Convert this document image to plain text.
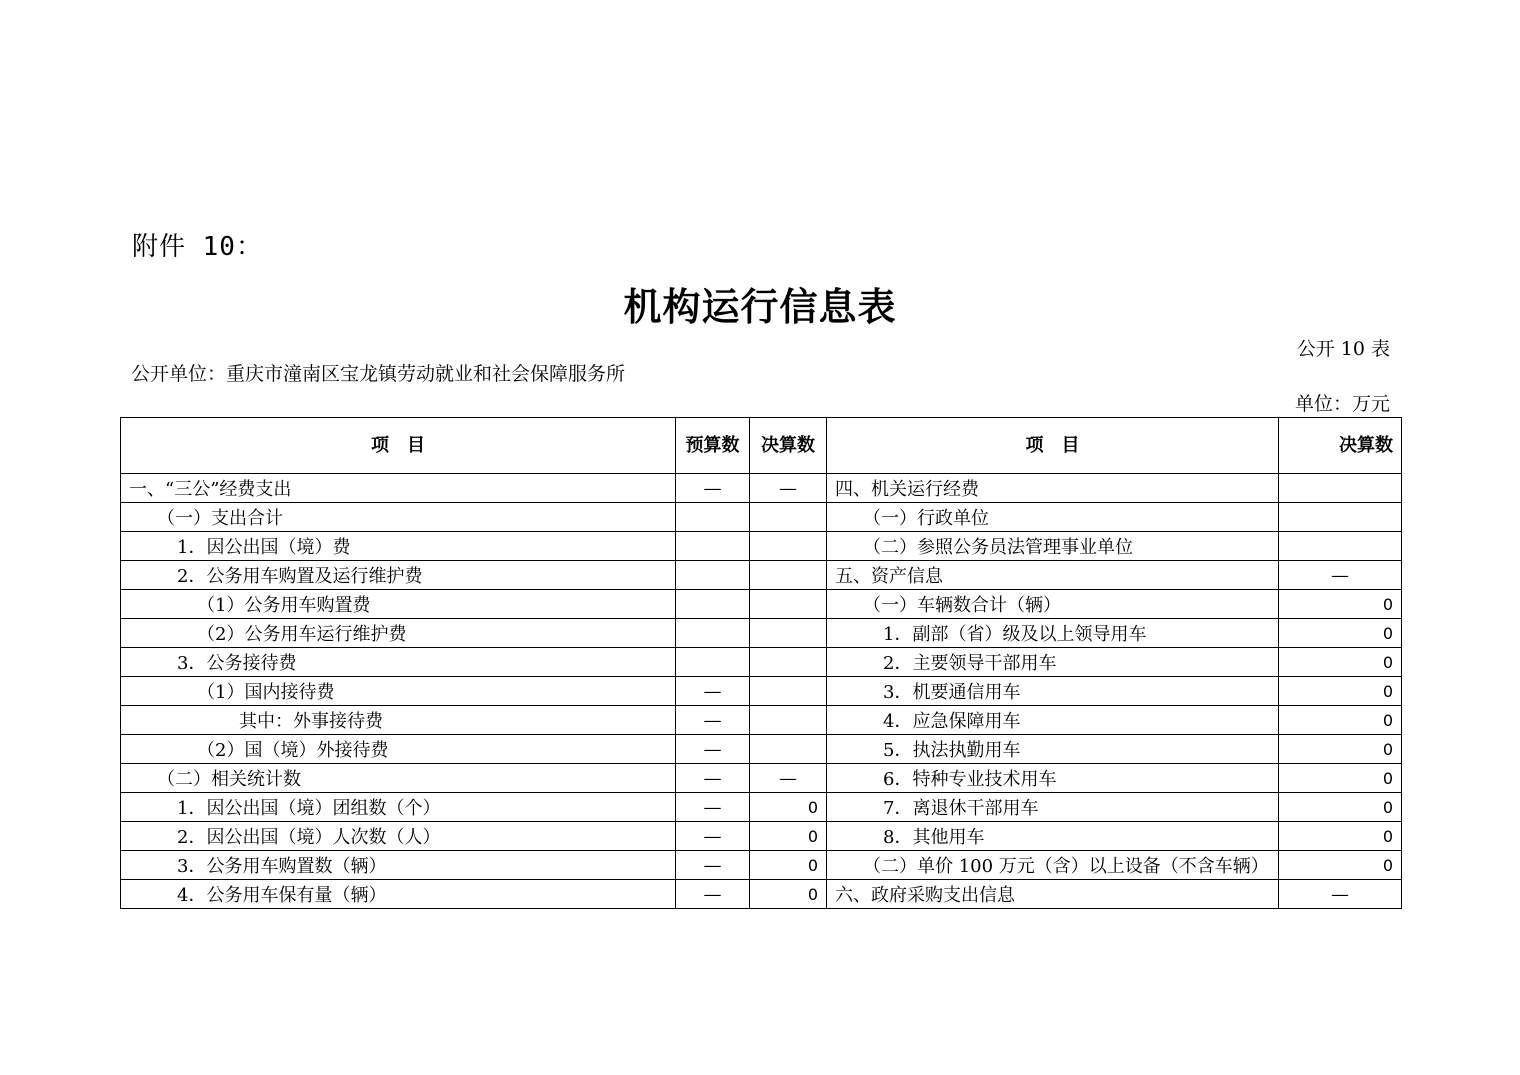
附件 10：
机构运行信息表
公开 10 表
公开单位：重庆市潼南区宝龙镇劳动就业和社会保障服务所
单位：万元
项　目	预算数	决算数	项　目	决算数
一、“三公”经费支出	—	—	四、机关运行经费	
（一）支出合计			（一）行政单位	
1．因公出国（境）费			（二）参照公务员法管理事业单位	
2．公务用车购置及运行维护费			五、资产信息	—
（1）公务用车购置费			（一）车辆数合计（辆）	0
（2）公务用车运行维护费			1．副部（省）级及以上领导用车	0
3．公务接待费			2．主要领导干部用车	0
（1）国内接待费	—		3．机要通信用车	0
其中：外事接待费	—		4．应急保障用车	0
（2）国（境）外接待费	—		5．执法执勤用车	0
（二）相关统计数	—	—	6．特种专业技术用车	0
1．因公出国（境）团组数（个）	—	0	7．离退休干部用车	0
2．因公出国（境）人次数（人）	—	0	8．其他用车	0
3．公务用车购置数（辆）	—	0	（二）单价 100 万元（含）以上设备（不含车辆）	0
4．公务用车保有量（辆）	—	0	六、政府采购支出信息	—
